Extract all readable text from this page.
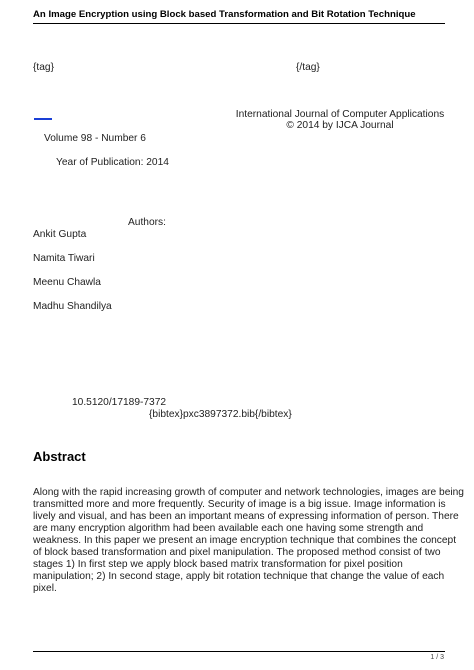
An Image Encryption using Block based Transformation and Bit Rotation Technique
{tag}	{/tag}
International Journal of Computer Applications
© 2014 by IJCA Journal
Volume 98 - Number 6
Year of Publication: 2014
Authors:
Ankit Gupta
Namita Tiwari
Meenu Chawla
Madhu Shandilya
10.5120/17189-7372
{bibtex}pxc3897372.bib{/bibtex}
Abstract
Along with the rapid increasing growth of computer and network technologies, images are being
transmitted more and more frequently. Security of image is a big issue. Image information is
lively and visual, and has been an important means of expressing information of person. There
are many encryption algorithm had been available each one having some strength and
weakness. In this paper we present an image encryption technique that combines the concept
of block based transformation and pixel manipulation. The proposed method consist of two
stages 1) In first step we apply block based matrix transformation for pixel position
manipulation; 2) In second stage, apply bit rotation technique that change the value of each
pixel.
1 / 3
